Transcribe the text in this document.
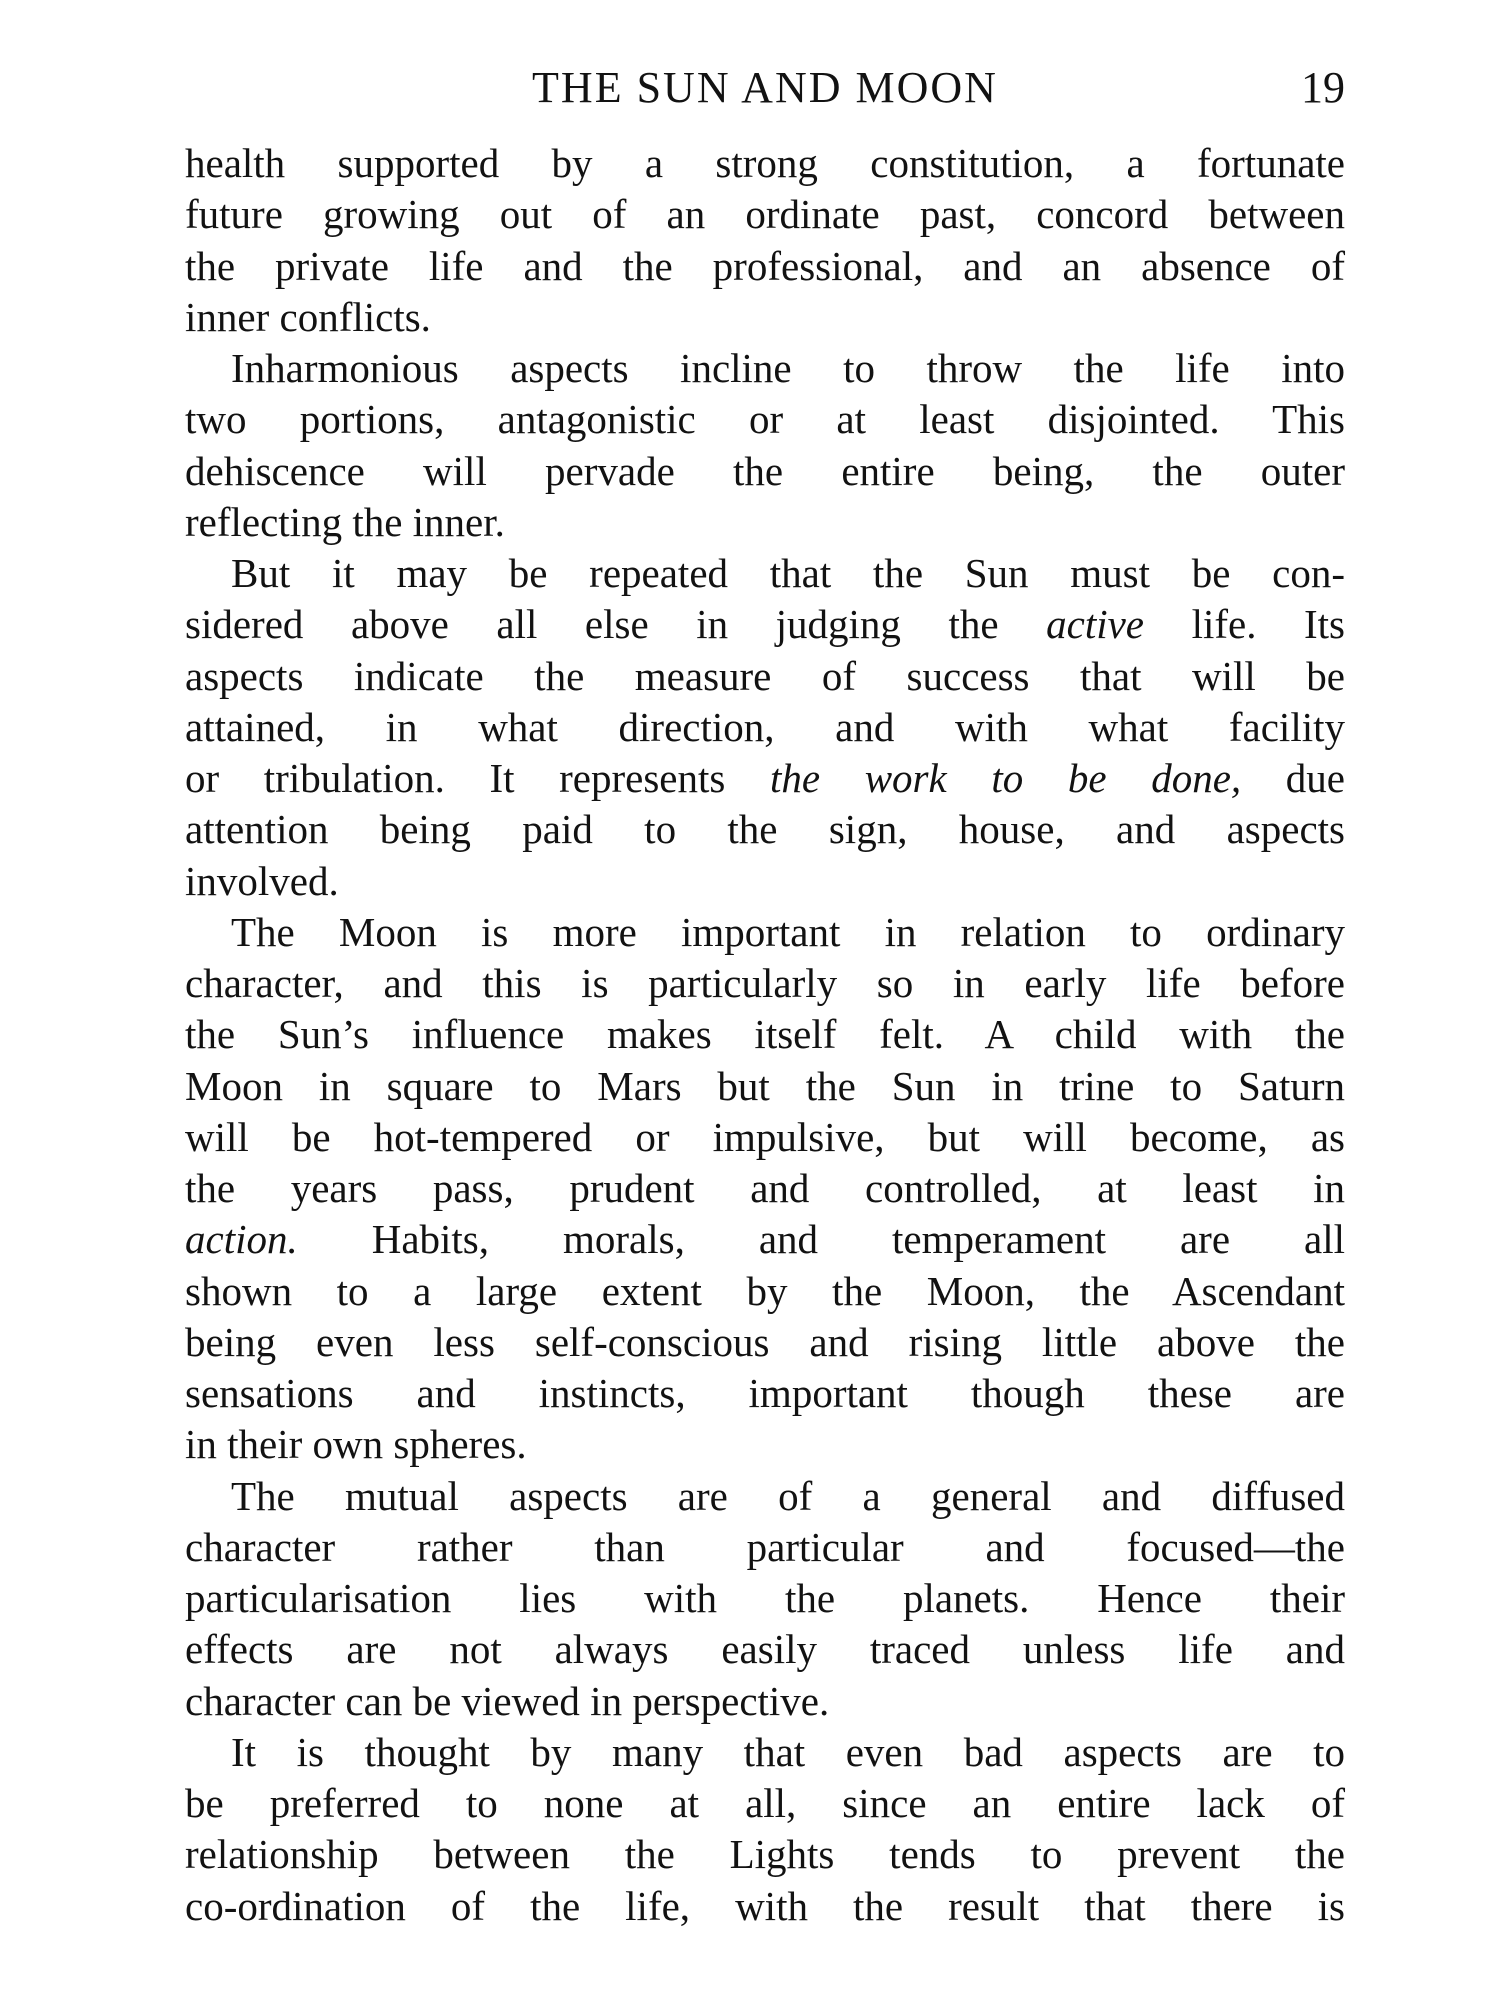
THE SUN AND MOON	19
health supported by a strong constitution, a fortunate
future growing out of an ordinate past, concord between
the private life and the professional, and an absence of
inner conflicts.
Inharmonious aspects incline to throw the life into
two portions, antagonistic or at least disjointed. This
dehiscence will pervade the entire being, the outer
reflecting the inner.
But it may be repeated that the Sun must be con-
sidered above all else in judging the active life. Its
aspects indicate the measure of success that will be
attained, in what direction, and with what facility
or tribulation. It represents the work to be done, due
attention being paid to the sign, house, and aspects
involved.
The Moon is more important in relation to ordinary
character, and this is particularly so in early life before
the Sun’s influence makes itself felt. A child with the
Moon in square to Mars but the Sun in trine to Saturn
will be hot-tempered or impulsive, but will become, as
the years pass, prudent and controlled, at least in
action. Habits, morals, and temperament are all
shown to a large extent by the Moon, the Ascendant
being even less self-conscious and rising little above the
sensations and instincts, important though these are
in their own spheres.
The mutual aspects are of a general and diffused
character rather than particular and focused—the
particularisation lies with the planets. Hence their
effects are not always easily traced unless life and
character can be viewed in perspective.
It is thought by many that even bad aspects are to
be preferred to none at all, since an entire lack of
relationship between the Lights tends to prevent the
co-ordination of the life, with the result that there is
